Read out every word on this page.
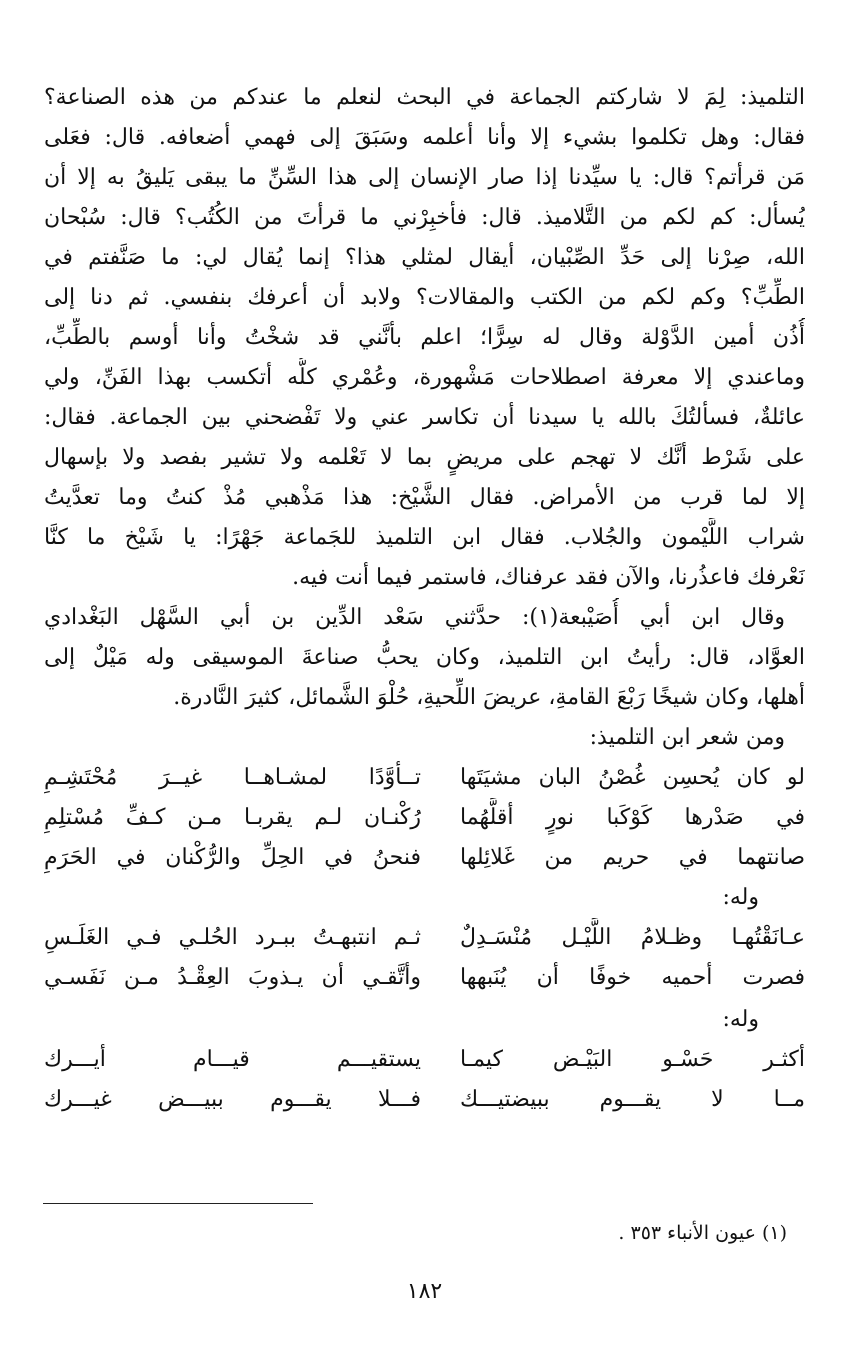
التلميذ: لِمَ لا شاركتم الجماعة في البحث لنعلم ما عندكم من هذه الصناعة؟
فقال: وهل تكلموا بشيء إلا وأنا أعلمه وسَبَقَ إلى فهمي أضعافه. قال: فعَلى
مَن قرأتم؟ قال: يا سيِّدنا إذا صار الإنسان إلى هذا السِّنِّ ما يبقى يَليقُ به إلا أن
يُسأل: كم لكم من التَّلاميذ. قال: فأخبِرْني ما قرأتَ من الكُتُب؟ قال: سُبْحان
الله، صِرْنا إلى حَدِّ الصِّبْيان، أيقال لمثلي هذا؟ إنما يُقال لي: ما صَنَّفتم في
الطِّبِّ؟ وكم لكم من الكتب والمقالات؟ ولابد أن أعرفك بنفسي. ثم دنا إلى
أُذُن أمين الدَّوْلة وقال له سِرًّا؛ اعلم بأنَّني قد شخْتُ وأنا أوسم بالطِّبِّ،
وماعندي إلا معرفة اصطلاحات مَشْهورة، وعُمْري كلُّه أتكسب بهذا الفَنِّ، ولي
عائلةٌ، فسألتُكَ بالله يا سيدنا أن تكاسر عني ولا تَفْضحني بين الجماعة. فقال:
على شَرْط أنَّك لا تهجم على مريضٍ بما لا تَعْلمه ولا تشير بفصد ولا بإسهال
إلا لما قرب من الأمراض. فقال الشَّيْخ: هذا مَذْهبي مُذْ كنتُ وما تعدَّيتُ
شراب اللَّيْمون والجُلاب. فقال ابن التلميذ للجَماعة جَهْرًا: يا شَيْخ ما كنَّا
نَعْرفك فاعذُرنا، والآن فقد عرفناك، فاستمر فيما أنت فيه.
وقال ابن أبي أُصَيْبعة(١): حدَّثني سَعْد الدِّين بن أبي السَّهْل البَغْدادي
العوَّاد، قال: رأيتُ ابن التلميذ، وكان يحبُّ صناعةَ الموسيقى وله مَيْلٌ إلى
أهلها، وكان شيخًا رَبْعَ القامةِ، عريضَ اللِّحيةِ، حُلْوَ الشَّمائل، كثيرَ النَّادرة.
ومن شعر ابن التلميذ:
لو كان يُحسِن غُصْنُ البان مشيَتَها
تــأوَّدًا لمشـاهــا غيــرَ مُحْتَشِـمِ
في صَدْرها كَوْكَبا نورٍ أقلَّهُما
رُكْنـان لـم يقربـا مـن كـفِّ مُسْتلِمِ
صانتهما في حريم من غَلائِلها
فنحنُ في الحِلِّ والرُّكْنان في الحَرَمِ
وله:
عـانَقْتُهـا وظـلامُ اللَّيْـل مُنْسَـدِلٌ
ثـم انتبهـتُ ببـرد الحُلـي فـي الغَلَـسِ
فصرت أحميه خوفًا أن يُنَبهها
وأتَّقـي أن يـذوبَ العِقْـدُ مـن نَفَسـي
وله:
أكثـر حَسْـو البَيْـض كيمـا
يستقيـــم قيـــام أيـــرك
مــا لا يقـــوم ببيضتيـــك
فـــلا يقـــوم ببيـــض غيـــرك
(١) عيون الأنباء ٣٥٣ .
١٨٢
